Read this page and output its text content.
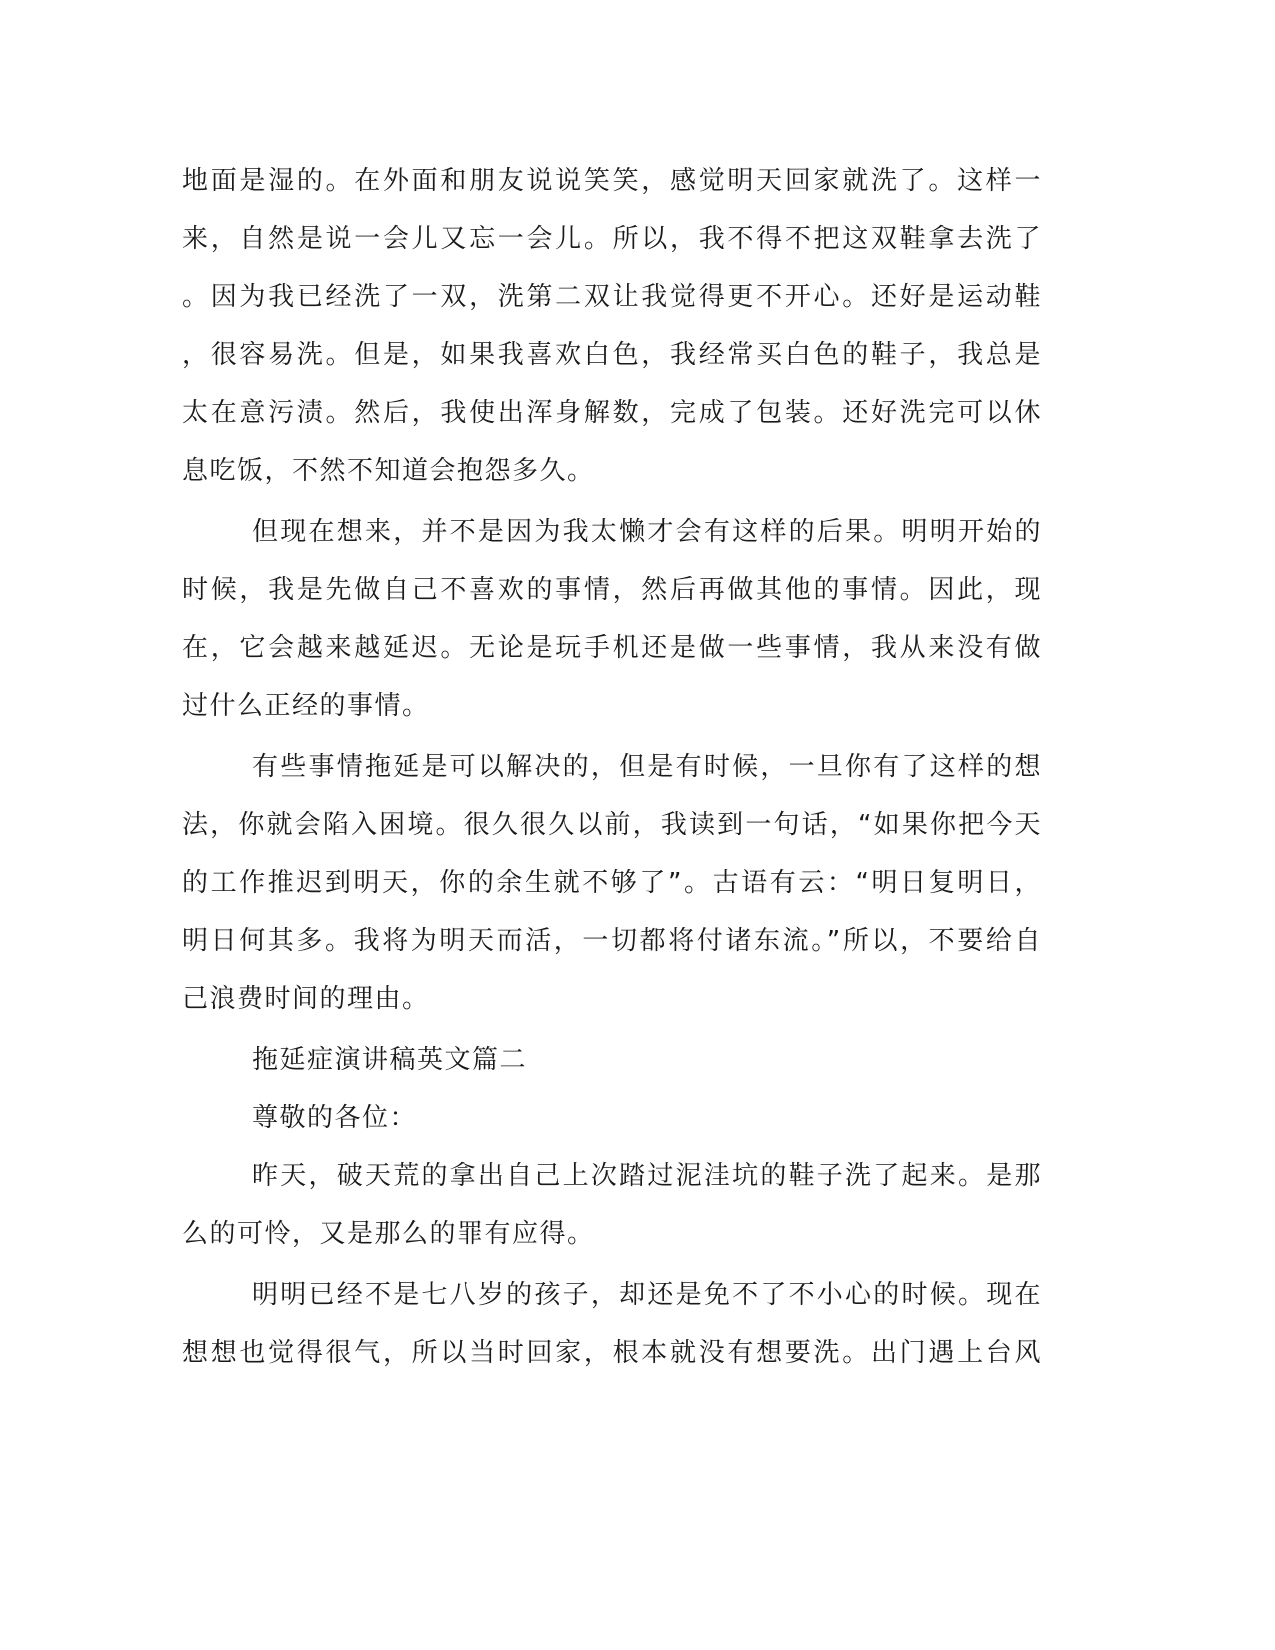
地面是湿的。在外面和朋友说说笑笑，感觉明天回家就洗了。这样一
来，自然是说一会儿又忘一会儿。所以，我不得不把这双鞋拿去洗了
。因为我已经洗了一双，洗第二双让我觉得更不开心。还好是运动鞋
，很容易洗。但是，如果我喜欢白色，我经常买白色的鞋子，我总是
太在意污渍。然后，我使出浑身解数，完成了包装。还好洗完可以休
息吃饭，不然不知道会抱怨多久。
但现在想来，并不是因为我太懒才会有这样的后果。明明开始的
时候，我是先做自己不喜欢的事情，然后再做其他的事情。因此，现
在，它会越来越延迟。无论是玩手机还是做一些事情，我从来没有做
过什么正经的事情。
有些事情拖延是可以解决的，但是有时候，一旦你有了这样的想
法，你就会陷入困境。很久很久以前，我读到一句话，“如果你把今天
的工作推迟到明天，你的余生就不够了”。古语有云：“明日复明日，
明日何其多。我将为明天而活，一切都将付诸东流。”所以，不要给自
己浪费时间的理由。
拖延症演讲稿英文篇二
尊敬的各位：
昨天，破天荒的拿出自己上次踏过泥洼坑的鞋子洗了起来。是那
么的可怜，又是那么的罪有应得。
明明已经不是七八岁的孩子，却还是免不了不小心的时候。现在
想想也觉得很气，所以当时回家，根本就没有想要洗。出门遇上台风
